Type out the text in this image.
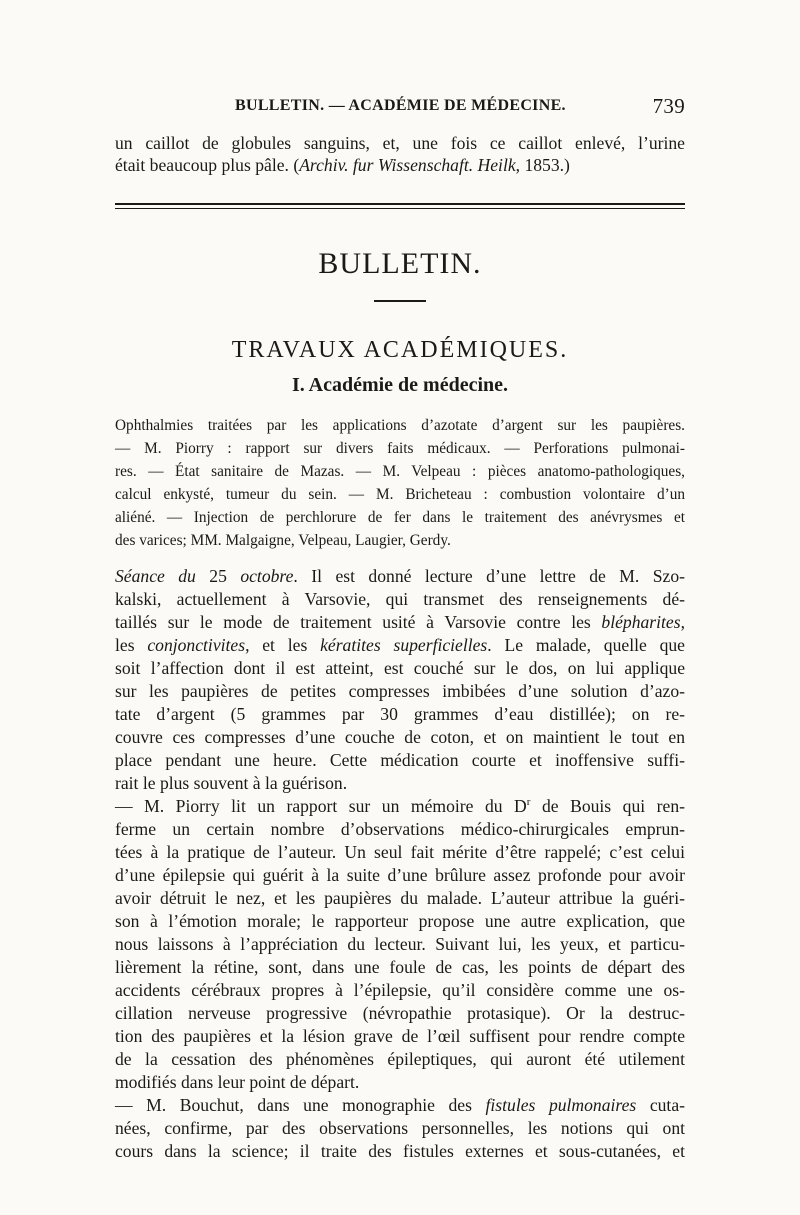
BULLETIN. — ACADÉMIE DE MÉDECINE.	739
un caillot de globules sanguins, et, une fois ce caillot enlevé, l’urine
était beaucoup plus pâle. (Archiv. fur Wissenschaft. Heilk, 1853.)
BULLETIN.
TRAVAUX ACADÉMIQUES.
I. Académie de médecine.
Ophthalmies traitées par les applications d’azotate d’argent sur les paupières.
— M. Piorry : rapport sur divers faits médicaux. — Perforations pulmonai-
res. — État sanitaire de Mazas. — M. Velpeau : pièces anatomo-pathologiques,
calcul enkysté, tumeur du sein. — M. Bricheteau : combustion volontaire d’un
aliéné. — Injection de perchlorure de fer dans le traitement des anévrysmes et
des varices; MM. Malgaigne, Velpeau, Laugier, Gerdy.
Séance du 25 octobre. Il est donné lecture d’une lettre de M. Szo-
kalski, actuellement à Varsovie, qui transmet des renseignements dé-
taillés sur le mode de traitement usité à Varsovie contre les blépharites,
les conjonctivites, et les kératites superficielles. Le malade, quelle que
soit l’affection dont il est atteint, est couché sur le dos, on lui applique
sur les paupières de petites compresses imbibées d’une solution d’azo-
tate d’argent (5 grammes par 30 grammes d’eau distillée); on re-
couvre ces compresses d’une couche de coton, et on maintient le tout en
place pendant une heure. Cette médication courte et inoffensive suffi-
rait le plus souvent à la guérison.
— M. Piorry lit un rapport sur un mémoire du $D^r$ de Bouis qui ren-
ferme un certain nombre d’observations médico-chirurgicales emprun-
tées à la pratique de l’auteur. Un seul fait mérite d’être rappelé; c’est celui
d’une épilepsie qui guérit à la suite d’une brûlure assez profonde pour avoir
avoir détruit le nez, et les paupières du malade. L’auteur attribue la guéri-
son à l’émotion morale; le rapporteur propose une autre explication, que
nous laissons à l’appréciation du lecteur. Suivant lui, les yeux, et particu-
lièrement la rétine, sont, dans une foule de cas, les points de départ des
accidents cérébraux propres à l’épilepsie, qu’il considère comme une os-
cillation nerveuse progressive (névropathie protasique). Or la destruc-
tion des paupières et la lésion grave de l’œil suffisent pour rendre compte
de la cessation des phénomènes épileptiques, qui auront été utilement
modifiés dans leur point de départ.
— M. Bouchut, dans une monographie des fistules pulmonaires cuta-
nées, confirme, par des observations personnelles, les notions qui ont
cours dans la science; il traite des fistules externes et sous-cutanées, et
